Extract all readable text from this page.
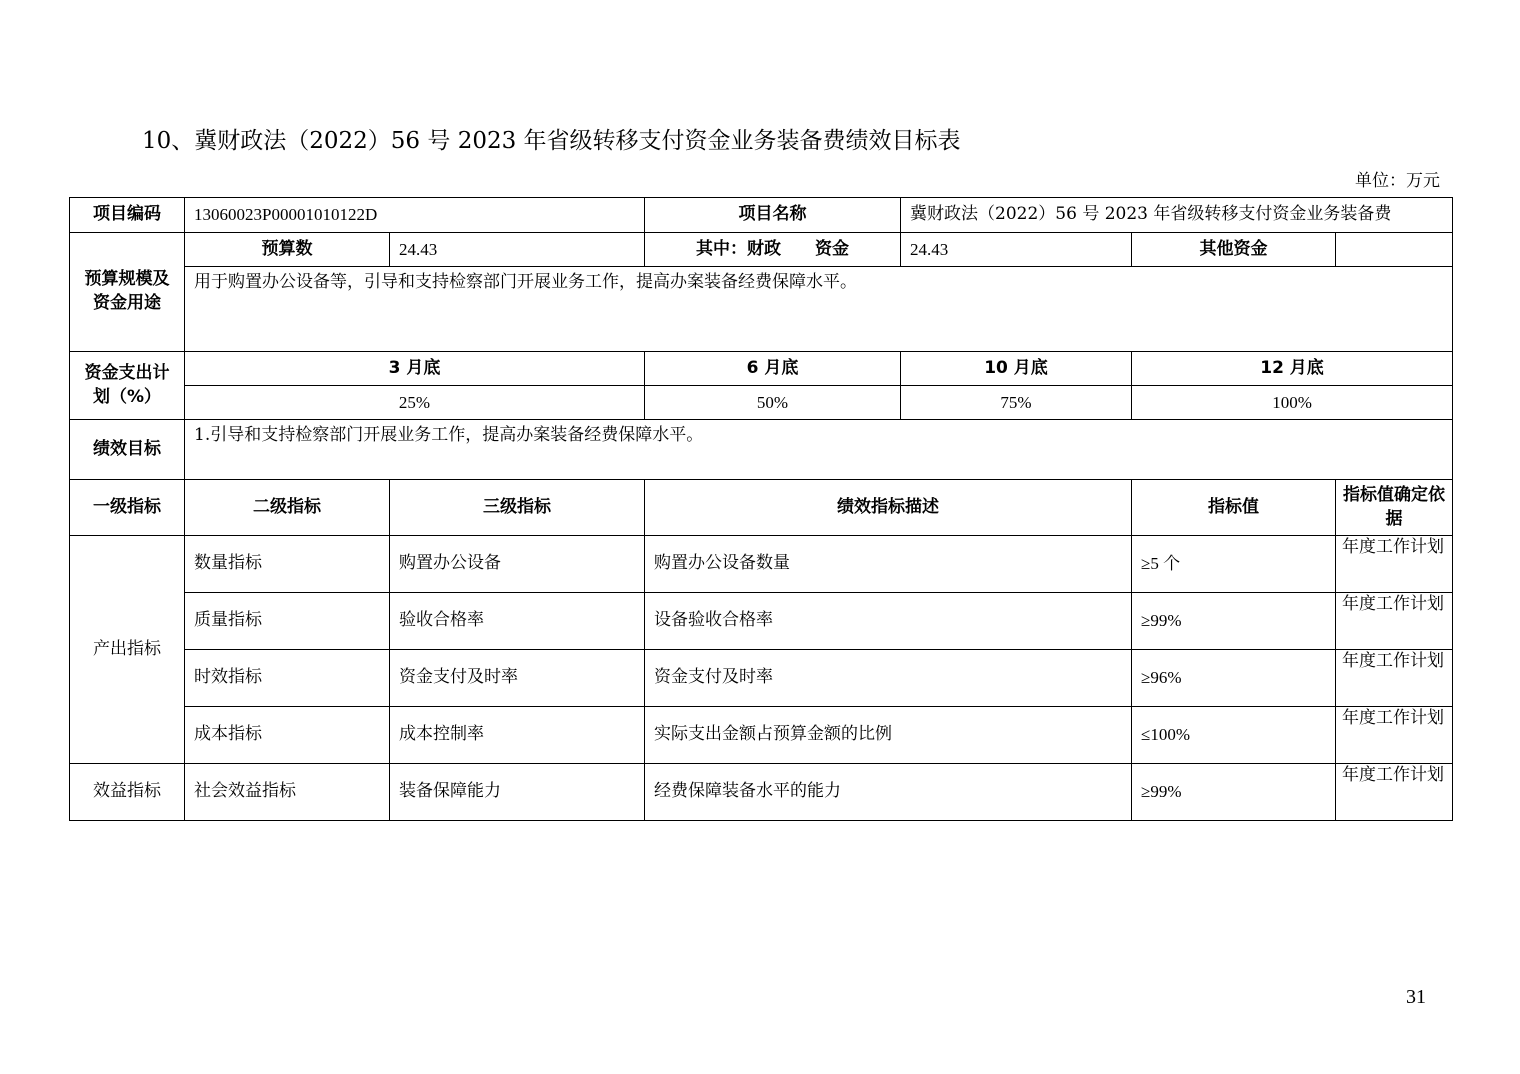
10、冀财政法（2022）56 号 2023 年省级转移支付资金业务装备费绩效目标表
单位：万元
项目编码	13060023P00001010122D		项目名称	冀财政法（2022）56 号 2023 年省级转移支付资金业务装备费		
预算规模及资金用途	预算数	24.43	其中：财政　　资金	24.43	其他资金	
	用于购置办公设备等，引导和支持检察部门开展业务工作，提高办案装备经费保障水平。					
资金支出计划（%）	3 月底		6 月底	10 月底	12 月底	
	25%		50%	75%	100%	
绩效目标	1.引导和支持检察部门开展业务工作，提高办案装备经费保障水平。					
一级指标	二级指标	三级指标	绩效指标描述		指标值	指标值确定依据
产出指标	数量指标	购置办公设备	购置办公设备数量		≥5 个	年度工作计划
	质量指标	验收合格率	设备验收合格率		≥99%	年度工作计划
	时效指标	资金支付及时率	资金支付及时率		≥96%	年度工作计划
	成本指标	成本控制率	实际支出金额占预算金额的比例		≤100%	年度工作计划
效益指标	社会效益指标	装备保障能力	经费保障装备水平的能力		≥99%	年度工作计划
31
